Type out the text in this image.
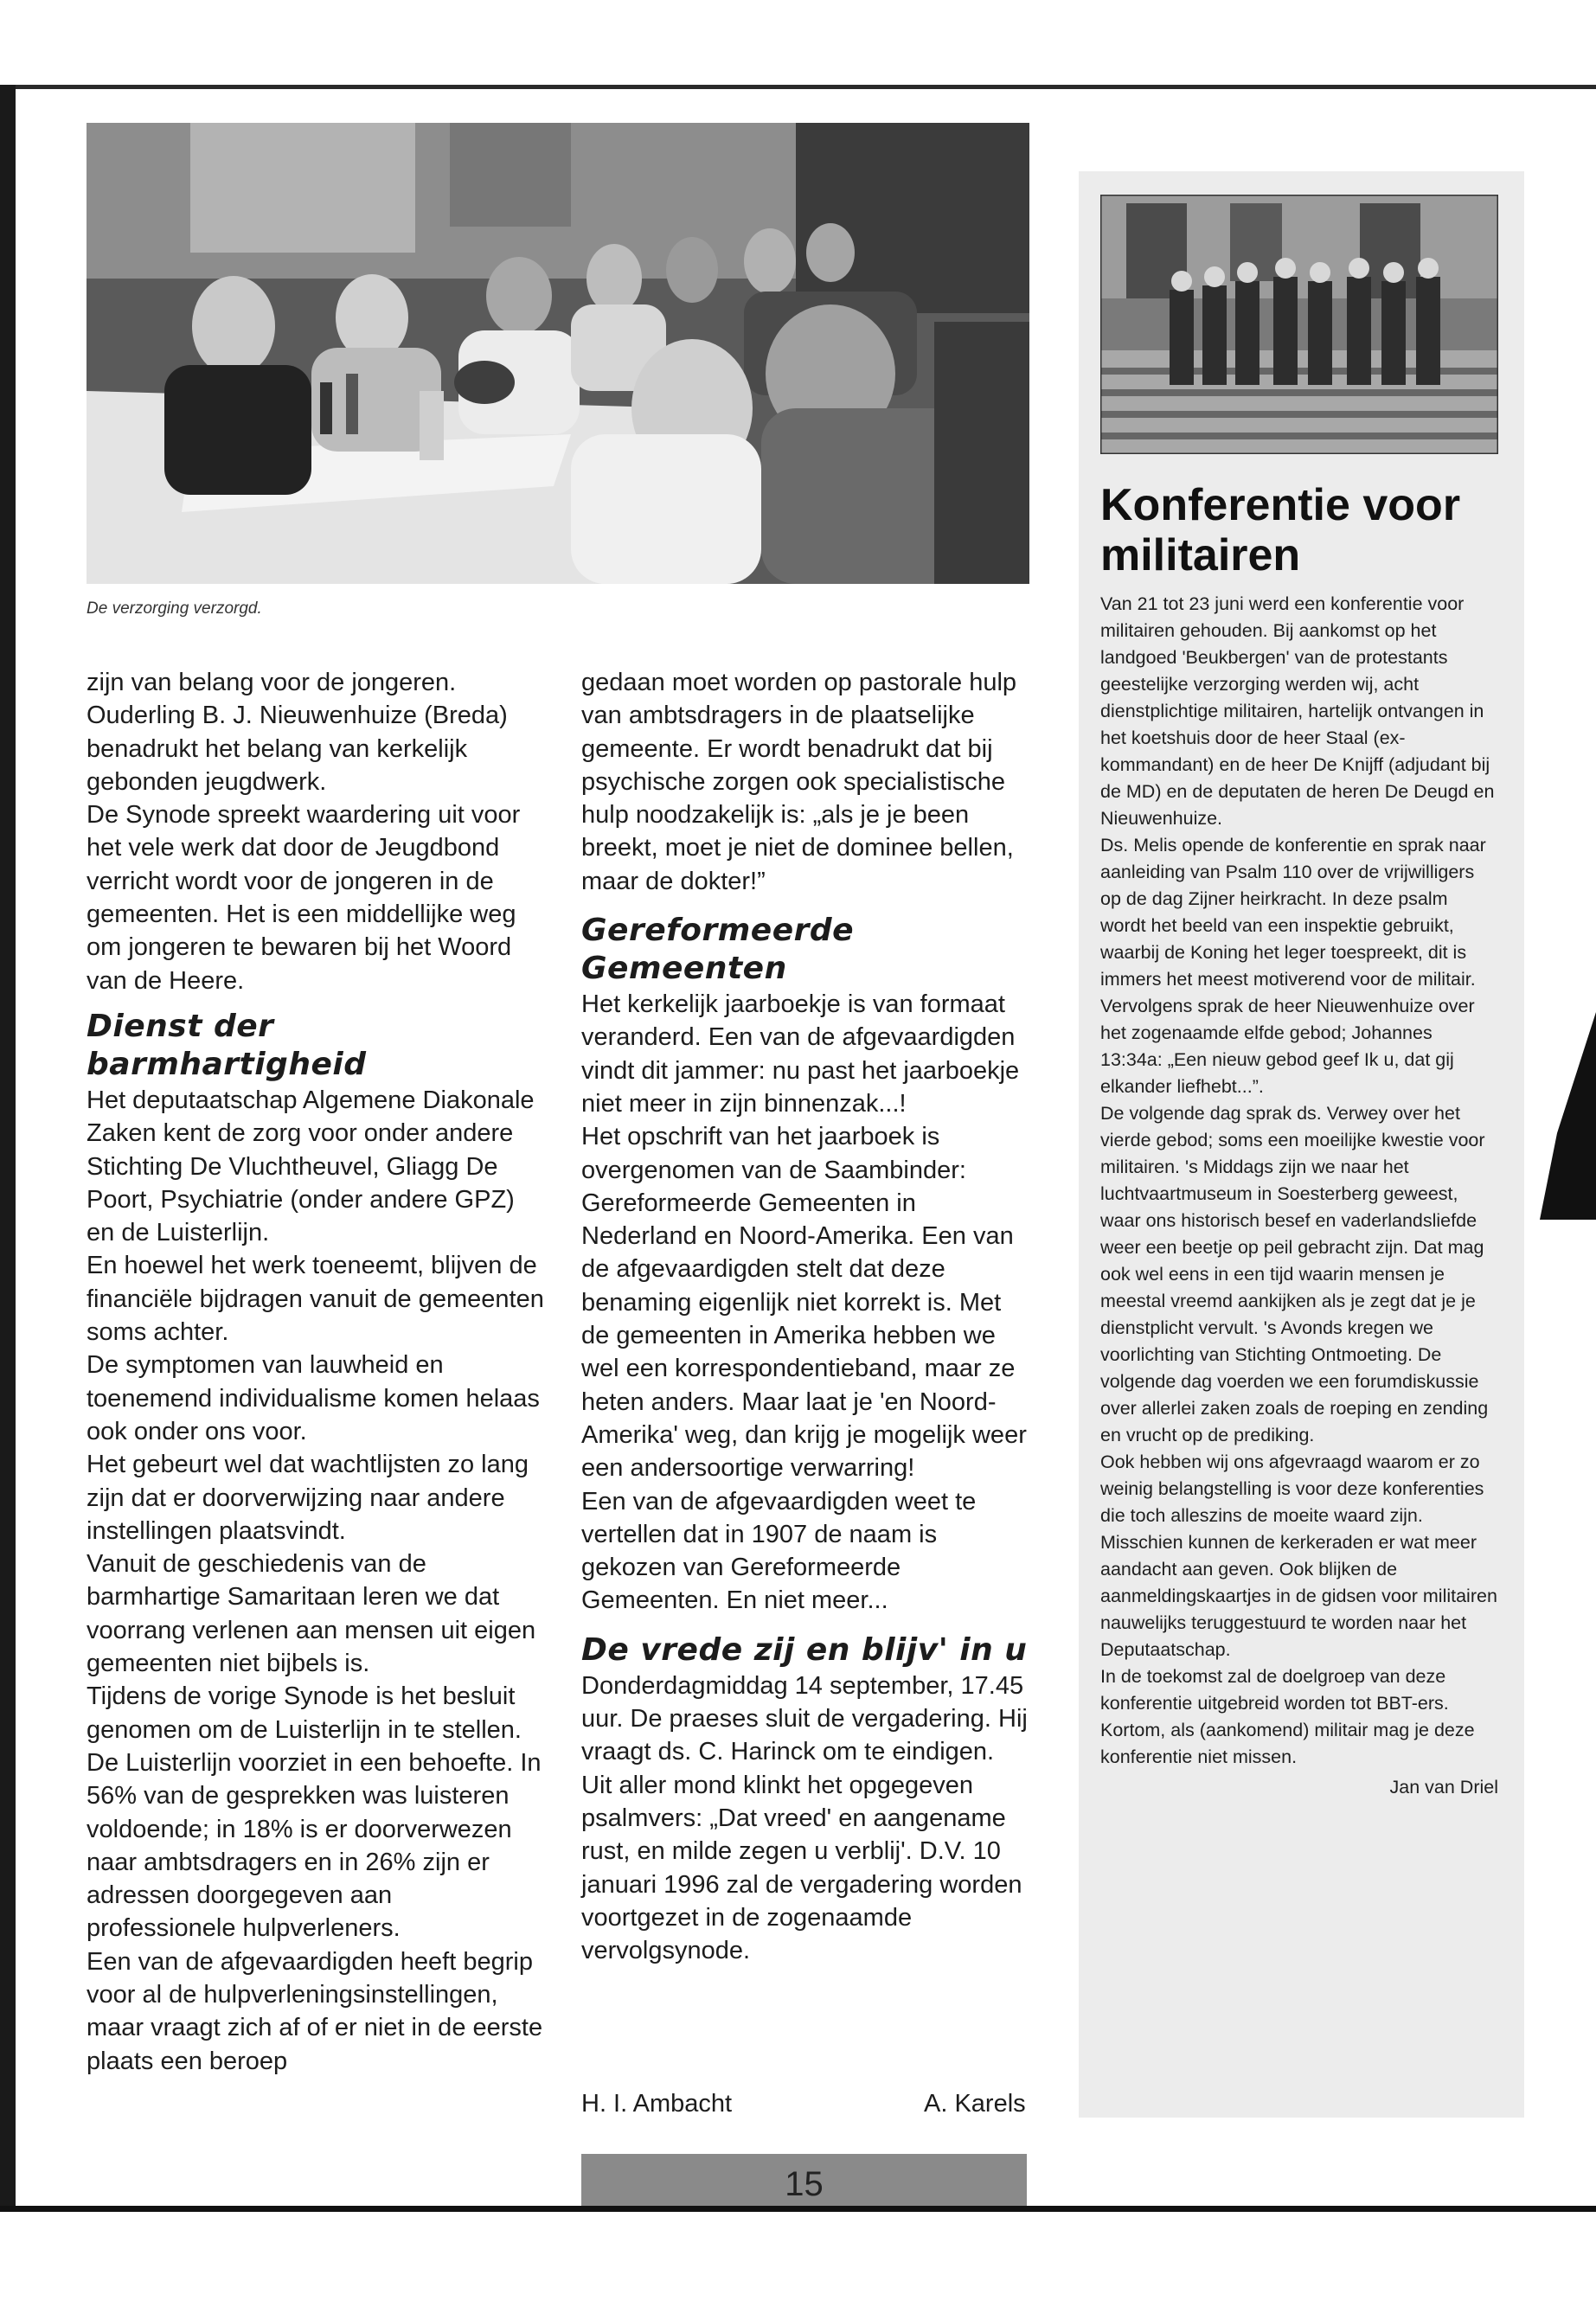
De verzorging verzorgd.

zijn van belang voor de jongeren.

Ouderling B. J. Nieuwenhuize (Breda) benadrukt het belang van kerkelijk gebonden jeugdwerk.

De Synode spreekt waardering uit voor het vele werk dat door de Jeugdbond verricht wordt voor de jongeren in de gemeenten. Het is een middellijke weg om jongeren te bewaren bij het Woord van de Heere.

Dienst der barmhartigheid

Het deputaatschap Algemene Diakonale Zaken kent de zorg voor onder andere Stichting De Vluchtheuvel, Gliagg De Poort, Psychiatrie (onder andere GPZ) en de Luisterlijn.

En hoewel het werk toeneemt, blijven de financiële bijdragen vanuit de gemeenten soms achter.

De symptomen van lauwheid en toenemend individualisme komen helaas ook onder ons voor.

Het gebeurt wel dat wachtlijsten zo lang zijn dat er doorverwijzing naar andere instellingen plaatsvindt.

Vanuit de geschiedenis van de barmhartige Samaritaan leren we dat voorrang verlenen aan mensen uit eigen gemeenten niet bijbels is.

Tijdens de vorige Synode is het besluit genomen om de Luisterlijn in te stellen. De Luisterlijn voorziet in een behoefte. In 56% van de gesprekken was luisteren voldoende; in 18% is er doorverwezen naar ambtsdragers en in 26% zijn er adressen doorgegeven aan professionele hulpverleners.

Een van de afgevaardigden heeft begrip voor al de hulpverleningsinstellingen, maar vraagt zich af of er niet in de eerste plaats een beroep

gedaan moet worden op pastorale hulp van ambtsdragers in de plaatselijke gemeente. Er wordt benadrukt dat bij psychische zorgen ook specialistische hulp noodzakelijk is: „als je je been breekt, moet je niet de dominee bellen, maar de dokter!”

Gereformeerde Gemeenten

Het kerkelijk jaarboekje is van formaat veranderd. Een van de afgevaardigden vindt dit jammer: nu past het jaarboekje niet meer in zijn binnenzak...!

Het opschrift van het jaarboek is overgenomen van de Saambinder: Gereformeerde Gemeenten in Nederland en Noord-Amerika. Een van de afgevaardigden stelt dat deze benaming eigenlijk niet korrekt is. Met de gemeenten in Amerika hebben we wel een korrespondentieband, maar ze heten anders. Maar laat je 'en Noord-Amerika' weg, dan krijg je mogelijk weer een andersoortige verwarring!

Een van de afgevaardigden weet te vertellen dat in 1907 de naam is gekozen van Gereformeerde Gemeenten. En niet meer...

De vrede zij en blijv' in u

Donderdagmiddag 14 september, 17.45 uur. De praeses sluit de vergadering. Hij vraagt ds. C. Harinck om te eindigen. Uit aller mond klinkt het opgegeven psalmvers: „Dat vreed' en aangename rust, en milde zegen u verblij'. D.V. 10 januari 1996 zal de vergadering worden voortgezet in de zogenaamde vervolgsynode.

H. I. Ambacht	A. Karels
Konferentie voor militairen

Van 21 tot 23 juni werd een konferentie voor militairen gehouden. Bij aankomst op het landgoed 'Beukbergen' van de protestants geestelijke verzorging werden wij, acht dienstplichtige militairen, hartelijk ontvangen in het koetshuis door de heer Staal (ex-kommandant) en de heer De Knijff (adjudant bij de MD) en de deputaten de heren De Deugd en Nieuwenhuize.

Ds. Melis opende de konferentie en sprak naar aanleiding van Psalm 110 over de vrijwilligers op de dag Zijner heirkracht. In deze psalm wordt het beeld van een inspektie gebruikt, waarbij de Koning het leger toespreekt, dit is immers het meest motiverend voor de militair.

Vervolgens sprak de heer Nieuwenhuize over het zogenaamde elfde gebod; Johannes 13:34a: „Een nieuw gebod geef Ik u, dat gij elkander liefhebt...”.

De volgende dag sprak ds. Verwey over het vierde gebod; soms een moeilijke kwestie voor militairen. 's Middags zijn we naar het luchtvaartmuseum in Soesterberg geweest, waar ons historisch besef en vaderlandsliefde weer een beetje op peil gebracht zijn. Dat mag ook wel eens in een tijd waarin mensen je meestal vreemd aankijken als je zegt dat je je dienstplicht vervult. 's Avonds kregen we voorlichting van Stichting Ontmoeting. De volgende dag voerden we een forumdiskussie over allerlei zaken zoals de roeping en zending en vrucht op de prediking.

Ook hebben wij ons afgevraagd waarom er zo weinig belangstelling is voor deze konferenties die toch alleszins de moeite waard zijn. Misschien kunnen de kerkeraden er wat meer aandacht aan geven. Ook blijken de aanmeldingskaartjes in de gidsen voor militairen nauwelijks teruggestuurd te worden naar het Deputaatschap.

In de toekomst zal de doelgroep van deze konferentie uitgebreid worden tot BBT-ers. Kortom, als (aankomend) militair mag je deze konferentie niet missen.

Jan van Driel

15
